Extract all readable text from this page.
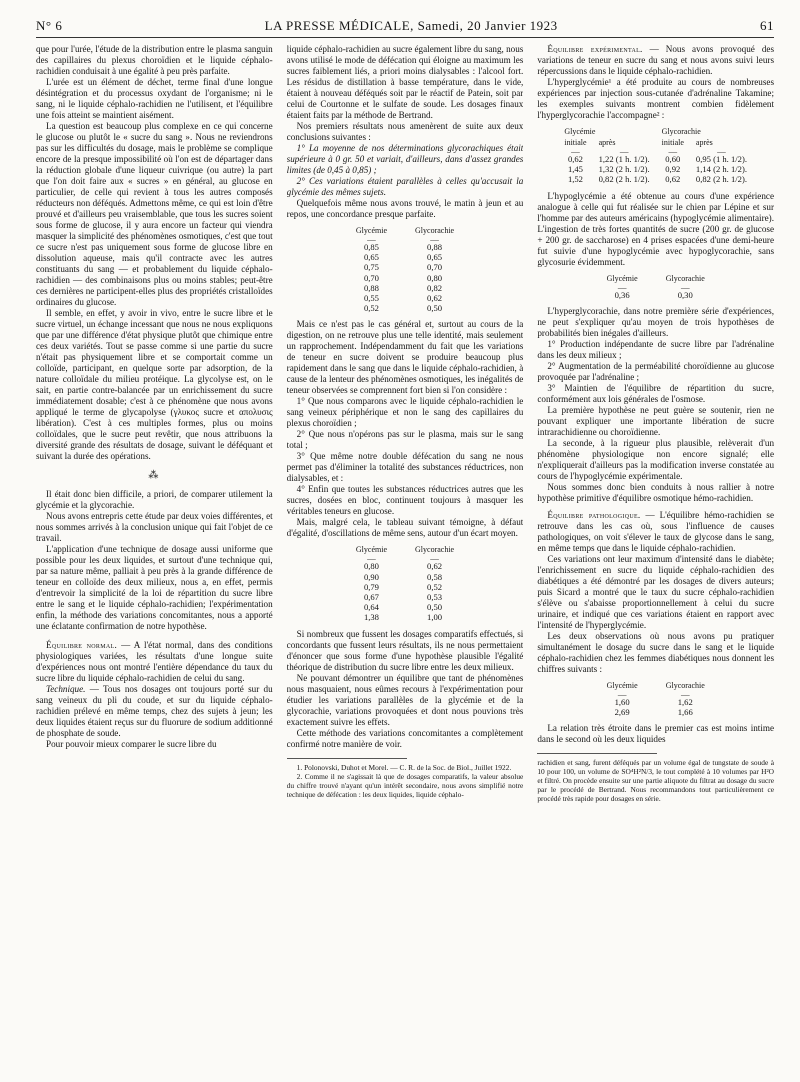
N° 6	LA PRESSE MÉDICALE, Samedi, 20 Janvier 1923	61

que pour l'urée, l'étude de la distribution entre le plasma sanguin des capillaires du plexus choroïdien et le liquide céphalo-rachidien conduisait à une égalité à peu près parfaite.

L'urée est un élément de déchet, terme final d'une longue désintégration et du processus oxydant de l'organisme; ni le sang, ni le liquide céphalo-rachidien ne l'utilisent, et l'équilibre une fois atteint se maintient aisément.

La question est beaucoup plus complexe en ce qui concerne le glucose ou plutôt le « sucre du sang ». Nous ne reviendrons pas sur les difficultés du dosage, mais le problème se complique encore de la presque impossibilité où l'on est de départager dans la réduction globale d'une liqueur cuivrique (ou autre) la part que l'on doit faire aux « sucres » en général, au glucose en particulier, de celle qui revient à tous les autres composés réducteurs non déféqués. Admettons même, ce qui est loin d'être prouvé et d'ailleurs peu vraisemblable, que tous les sucres soient sous forme de glucose, il y aura encore un facteur qui viendra masquer la simplicité des phénomènes osmotiques, c'est que tout ce sucre n'est pas uniquement sous forme de glucose libre en dissolution aqueuse, mais qu'il contracte avec les autres constituants du sang — et probablement du liquide céphalo-rachidien — des combinaisons plus ou moins stables; peut-être ces dernières ne participent-elles plus des propriétés cristalloïdes ordinaires du glucose.

Il semble, en effet, y avoir in vivo, entre le sucre libre et le sucre virtuel, un échange incessant que nous ne nous expliquons que par une différence d'état physique plutôt que chimique entre ces deux variétés. Tout se passe comme si une partie du sucre n'était pas physiquement libre et se comportait comme un colloïde, participant, en quelque sorte par adsorption, de la nature colloïdale du milieu protéique. La glycolyse est, on le sait, en partie contre-balancée par un enrichissement du sucre immédiatement dosable; c'est à ce phénomène que nous avons appliqué le terme de glycapolyse (γλυκος sucre et απολυσις libération). C'est à ces multiples formes, plus ou moins colloïdales, que le sucre peut revêtir, que nous attribuons la diversité grande des résultats de dosage, suivant le déféquant et suivant la durée des opérations.

⁂

Il était donc bien difficile, a priori, de comparer utilement la glycémie et la glycorachie.

Nous avons entrepris cette étude par deux voies différentes, et nous sommes arrivés à la conclusion unique qui fait l'objet de ce travail.

L'application d'une technique de dosage aussi uniforme que possible pour les deux liquides, et surtout d'une technique qui, par sa nature même, palliait à peu près à la grande différence de teneur en colloïde des deux milieux, nous a, en effet, permis d'entrevoir la simplicité de la loi de répartition du sucre libre entre le sang et le liquide céphalo-rachidien; l'expérimentation enfin, la méthode des variations concomitantes, nous a apporté une éclatante confirmation de notre hypothèse.

Équilibre normal. — A l'état normal, dans des conditions physiologiques variées, les résultats d'une longue suite d'expériences nous ont montré l'entière dépendance du taux du sucre libre du liquide céphalo-rachidien de celui du sang.

Technique. — Tous nos dosages ont toujours porté sur du sang veineux du pli du coude, et sur du liquide céphalo-rachidien prélevé en même temps, chez des sujets à jeun; les deux liquides étaient reçus sur du fluorure de sodium additionné de phosphate de soude.

Pour pouvoir mieux comparer le sucre libre du

liquide céphalo-rachidien au sucre également libre du sang, nous avons utilisé le mode de défécation qui éloigne au maximum les sucres faiblement liés, a priori moins dialysables : l'alcool fort. Les résidus de distillation à basse température, dans le vide, étaient à nouveau déféqués soit par le réactif de Patein, soit par celui de Courtonne et le sulfate de soude. Les dosages finaux étaient faits par la méthode de Bertrand.

Nos premiers résultats nous amenèrent de suite aux deux conclusions suivantes :

1° La moyenne de nos déterminations glycorachiques était supérieure à 0 gr. 50 et variait, d'ailleurs, dans d'assez grandes limites (de 0,45 à 0,85) ;

2° Ces variations étaient parallèles à celles qu'accusait la glycémie des mêmes sujets.

Quelquefois même nous avons trouvé, le matin à jeun et au repos, une concordance presque parfaite.

Glycémie	Glycorachie
—	—
0,85	0,88
0,65	0,65
0,75	0,70
0,70	0,80
0,88	0,82
0,55	0,62
0,52	0,50

Mais ce n'est pas le cas général et, surtout au cours de la digestion, on ne retrouve plus une telle identité, mais seulement un rapprochement. Indépendamment du fait que les variations de teneur en sucre doivent se produire beaucoup plus rapidement dans le sang que dans le liquide céphalo-rachidien, à cause de la lenteur des phénomènes osmotiques, les inégalités de teneur observées se comprennent fort bien si l'on considère :

1° Que nous comparons avec le liquide céphalo-rachidien le sang veineux périphérique et non le sang des capillaires du plexus choroïdien ;

2° Que nous n'opérons pas sur le plasma, mais sur le sang total ;

3° Que même notre double défécation du sang ne nous permet pas d'éliminer la totalité des substances réductrices, non dialysables, et :

4° Enfin que toutes les substances réductrices autres que les sucres, dosées en bloc, continuent toujours à masquer les véritables teneurs en glucose.

Mais, malgré cela, le tableau suivant témoigne, à défaut d'égalité, d'oscillations de même sens, autour d'un écart moyen.

Glycémie	Glycorachie
—	—
0,80	0,62
0,90	0,58
0,79	0,52
0,67	0,53
0,64	0,50
1,38	1,00

Si nombreux que fussent les dosages comparatifs effectués, si concordants que fussent leurs résultats, ils ne nous permettaient d'énoncer que sous forme d'une hypothèse plausible l'égalité théorique de distribution du sucre libre entre les deux milieux.

Ne pouvant démontrer un équilibre que tant de phénomènes nous masquaient, nous eûmes recours à l'expérimentation pour étudier les variations parallèles de la glycémie et de la glycorachie, variations provoquées et dont nous pouvions très exactement suivre les effets.

Cette méthode des variations concomitantes a complètement confirmé notre manière de voir.

1. Polonovski, Duhot et Morel. — C. R. de la Soc. de Biol., Juillet 1922.

2. Comme il ne s'agissait là que de dosages comparatifs, la valeur absolue du chiffre trouvé n'ayant qu'un intérêt secondaire, nous avons simplifié notre technique de défécation : les deux liquides, liquide céphalo-

Équilibre expérimental. — Nous avons provoqué des variations de teneur en sucre du sang et nous avons suivi leurs répercussions dans le liquide céphalo-rachidien.

L'hyperglycémie¹ a été produite au cours de nombreuses expériences par injection sous-cutanée d'adrénaline Takamine; les exemples suivants montrent combien fidèlement l'hyperglycorachie l'accompagne² :

Glycémie		Glycorachie	
initiale	après	initiale	après
—	—	—	—
0,62	1,22 (1 h. 1/2).	0,60	0,95 (1 h. 1/2).
1,45	1,32 (2 h. 1/2).	0,92	1,14 (2 h. 1/2).
1,52	0,82 (2 h. 1/2).	0,62	0,82 (2 h. 1/2).

L'hypoglycémie a été obtenue au cours d'une expérience analogue à celle qui fut réalisée sur le chien par Lépine et sur l'homme par des auteurs américains (hypoglycémie alimentaire). L'ingestion de très fortes quantités de sucre (200 gr. de glucose + 200 gr. de saccharose) en 4 prises espacées d'une demi-heure fut suivie d'une hypoglycémie avec hypoglycorachie, sans glycosurie évidemment.

Glycémie	Glycorachie
—	—
0,36	0,30

L'hyperglycorachie, dans notre première série d'expériences, ne peut s'expliquer qu'au moyen de trois hypothèses de probabilités bien inégales d'ailleurs.

1° Production indépendante de sucre libre par l'adrénaline dans les deux milieux ;

2° Augmentation de la perméabilité choroïdienne au glucose provoquée par l'adrénaline ;

3° Maintien de l'équilibre de répartition du sucre, conformément aux lois générales de l'osmose.

La première hypothèse ne peut guère se soutenir, rien ne pouvant expliquer une importante libération de sucre intrarachidienne ou choroïdienne.

La seconde, à la rigueur plus plausible, relèverait d'un phénomène physiologique non encore signalé; elle n'expliquerait d'ailleurs pas la modification inverse constatée au cours de l'hypoglycémie expérimentale.

Nous sommes donc bien conduits à nous rallier à notre hypothèse primitive d'équilibre osmotique hémo-rachidien.

Équilibre pathologique. — L'équilibre hémo-rachidien se retrouve dans les cas où, sous l'influence de causes pathologiques, on voit s'élever le taux de glycose dans le sang, en même temps que dans le liquide céphalo-rachidien.

Ces variations ont leur maximum d'intensité dans le diabète; l'enrichissement en sucre du liquide céphalo-rachidien des diabétiques a été démontré par les dosages de divers auteurs; puis Sicard a montré que le taux du sucre céphalo-rachidien s'élève ou s'abaisse proportionnellement à celui du sucre urinaire, et indiqué que ces variations étaient en rapport avec l'intensité de l'hyperglycémie.

Les deux observations où nous avons pu pratiquer simultanément le dosage du sucre dans le sang et le liquide céphalo-rachidien chez les femmes diabétiques nous donnent les chiffres suivants :

Glycémie	Glycorachie
—	—
1,60	1,62
2,69	1,66

La relation très étroite dans le premier cas est moins intime dans le second où les deux liquides

rachidien et sang, furent déféqués par un volume égal de tungstate de soude à 10 pour 100, un volume de SO⁴H²N/3, le tout complété à 10 volumes par H²O et filtré. On procède ensuite sur une partie aliquote du filtrat au dosage du sucre par le procédé de Bertrand. Nous recommandons tout particulièrement ce procédé très rapide pour dosages en série.
